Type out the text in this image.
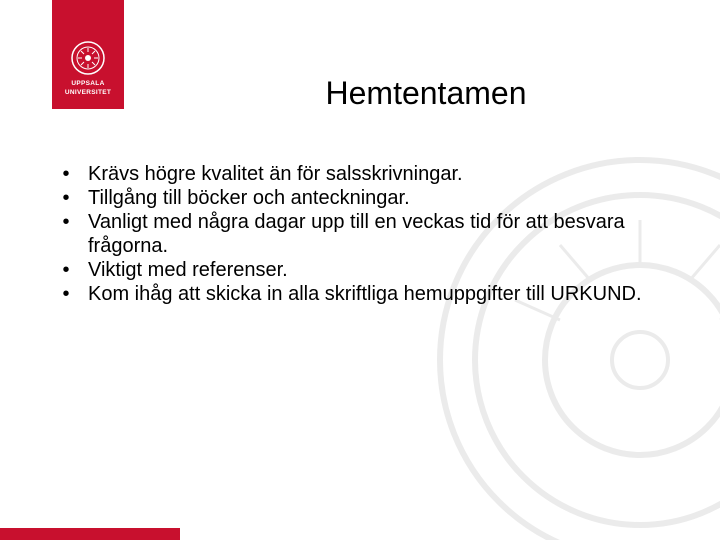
UPPSALA
UNIVERSITET	Hemtentamen
• Krävs högre kvalitet än för salsskrivningar.
• Tillgång till böcker och anteckningar.
• Vanligt med några dagar upp till en veckas tid för att besvara frågorna.
• Viktigt med referenser.
• Kom ihåg att skicka in alla skriftliga hemuppgifter till URKUND.
